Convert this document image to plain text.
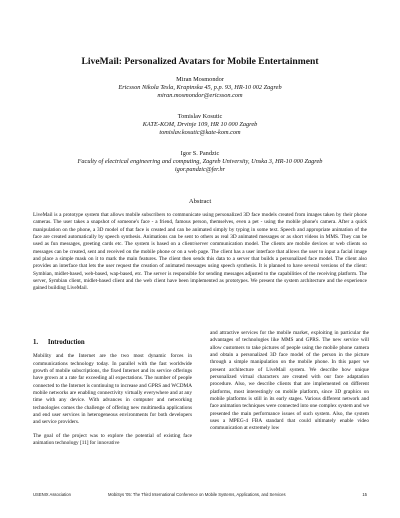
LiveMail: Personalized Avatars for Mobile Entertainment
Miran Mosmondor
Ericsson Nikola Tesla, Krapinska 45, p.p. 93, HR-10 002 Zagreb
miran.mosmondor@ericsson.com
Tomislav Kosutic
KATE-KOM, Drvinje 109, HR 10 000 Zagreb
tomislav.kosutic@kate-kom.com
Igor S. Pandzic
Faculty of electrical engineering and computing, Zagreb University, Unska 3, HR-10 000 Zagreb
igor.pandzic@fer.hr
Abstract

LiveMail is a prototype system that allows mobile subscribers to communicate using personalized 3D face models created from images taken by their phone cameras. The user takes a snapshot of someone's face - a friend, famous person, themselves, even a pet - using the mobile phone's camera. After a quick manipulation on the phone, a 3D model of that face is created and can be animated simply by typing in some text. Speech and appropriate animation of the face are created automatically by speech synthesis. Animations can be sent to others as real 3D animated messages or as short videos in MMS. They can be used as fun messages, greeting cards etc. The system is based on a client/server communication model. The clients are mobile devices or web clients so messages can be created, sent and received on the mobile phone or on a web page. The client has a user interface that allows the user to input a facial image and place a simple mask on it to mark the main features. The client then sends this data to a server that builds a personalized face model. The client also provides an interface that lets the user request the creation of animated messages using speech synthesis. It is planned to have several versions of the client: Symbian, midlet-based, web-based, wap-based, etc. The server is responsible for sending messages adjusted to the capabilities of the receiving platform. The server, Symbian client, midlet-based client and the web client have been implemented as prototypes. We present the system architecture and the experience gained building LiveMail.

1. Introduction

Mobility and the Internet are the two most dynamic forces in communications technology today. In parallel with the fast worldwide growth of mobile subscriptions, the fixed Internet and its service offerings have grown at a rate far exceeding all expectations. The number of people connected to the Internet is continuing to increase and GPRS and WCDMA mobile networks are enabling connectivity virtually everywhere and at any time with any device. With advances in computer and networking technologies comes the challenge of offering new multimedia applications and end user services in heterogeneous environments for both developers and service providers.

The goal of the project was to explore the potential of existing face animation technology [11] for innovative

and attractive services for the mobile market, exploiting in particular the advantages of technologies like MMS and GPRS. The new service will allow customers to take pictures of people using the mobile phone camera and obtain a personalized 3D face model of the person in the picture through a simple manipulation on the mobile phone. In this paper we present architecture of LiveMail system. We describe how unique personalized virtual characters are created with our face adaptation procedure. Also, we describe clients that are implemented on different platforms, most interestingly on mobile platform, since 3D graphics on mobile platforms is still in its early stages. Various different network and face animation techniques were connected into one complex system and we presented the main performance issues of such system. Also, the system uses a MPEG-4 FBA standard that could ultimately enable video communication at extremely low

USENIX Association	MobiSys '05: The Third International Conference on Mobile Systems, Applications, and Services	15
